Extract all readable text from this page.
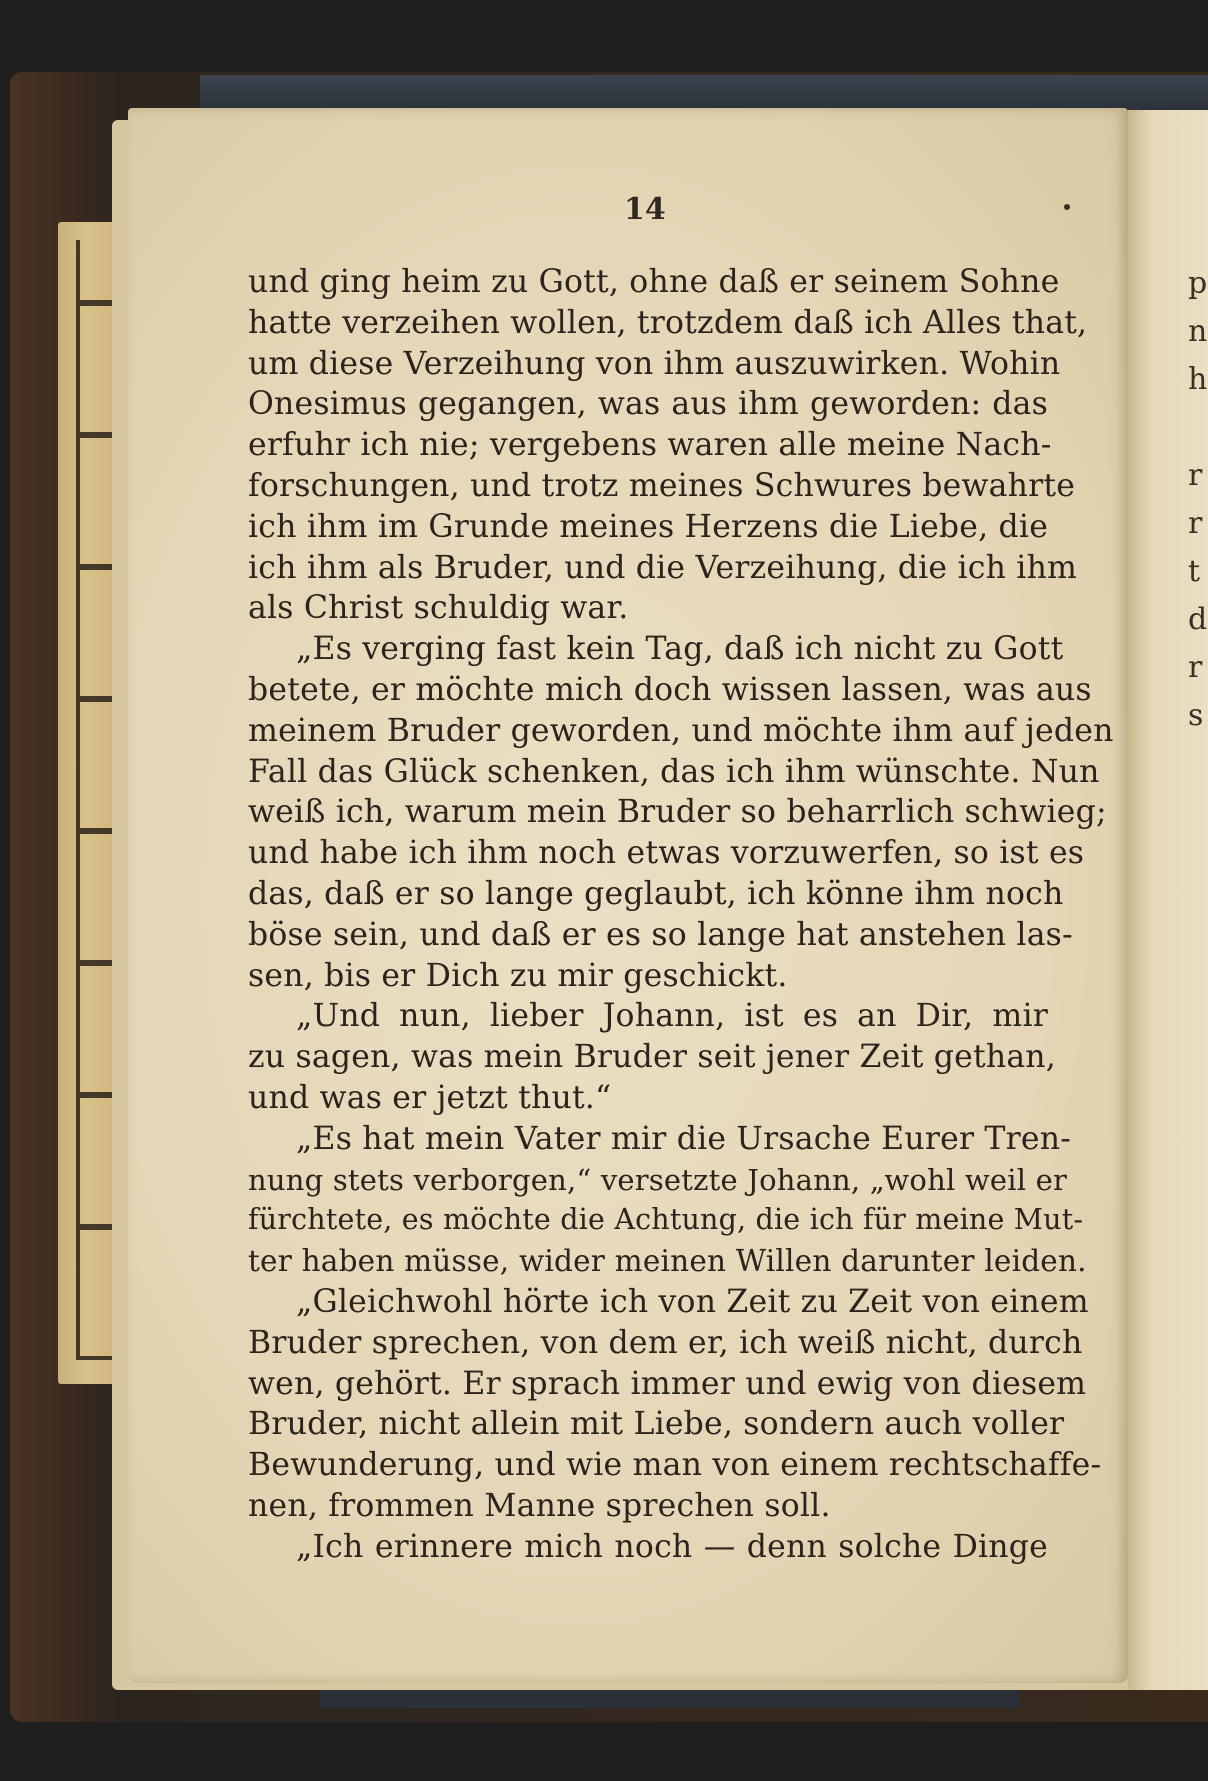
p
n
h

r
r
t
d
r
s
14
und ging heim zu Gott, ohne daß er seinem Sohne
hatte verzeihen wollen, trotzdem daß ich Alles that,
um diese Verzeihung von ihm auszuwirken. Wohin
Onesimus gegangen, was aus ihm geworden: das
erfuhr ich nie; vergebens waren alle meine Nach-
forschungen, und trotz meines Schwures bewahrte
ich ihm im Grunde meines Herzens die Liebe, die
ich ihm als Bruder, und die Verzeihung, die ich ihm
als Christ schuldig war.
„Es verging fast kein Tag, daß ich nicht zu Gott
betete, er möchte mich doch wissen lassen, was aus
meinem Bruder geworden, und möchte ihm auf jeden
Fall das Glück schenken, das ich ihm wünschte. Nun
weiß ich, warum mein Bruder so beharrlich schwieg;
und habe ich ihm noch etwas vorzuwerfen, so ist es
das, daß er so lange geglaubt, ich könne ihm noch
böse sein, und daß er es so lange hat anstehen las-
sen, bis er Dich zu mir geschickt.
„Und nun, lieber Johann, ist es an Dir, mir
zu sagen, was mein Bruder seit jener Zeit gethan,
und was er jetzt thut.“
„Es hat mein Vater mir die Ursache Eurer Tren-
nung stets verborgen,“ versetzte Johann, „wohl weil er
fürchtete, es möchte die Achtung, die ich für meine Mut-
ter haben müsse, wider meinen Willen darunter leiden.
„Gleichwohl hörte ich von Zeit zu Zeit von einem
Bruder sprechen, von dem er, ich weiß nicht, durch
wen, gehört. Er sprach immer und ewig von diesem
Bruder, nicht allein mit Liebe, sondern auch voller
Bewunderung, und wie man von einem rechtschaffe-
nen, frommen Manne sprechen soll.
„Ich erinnere mich noch — denn solche Dinge
